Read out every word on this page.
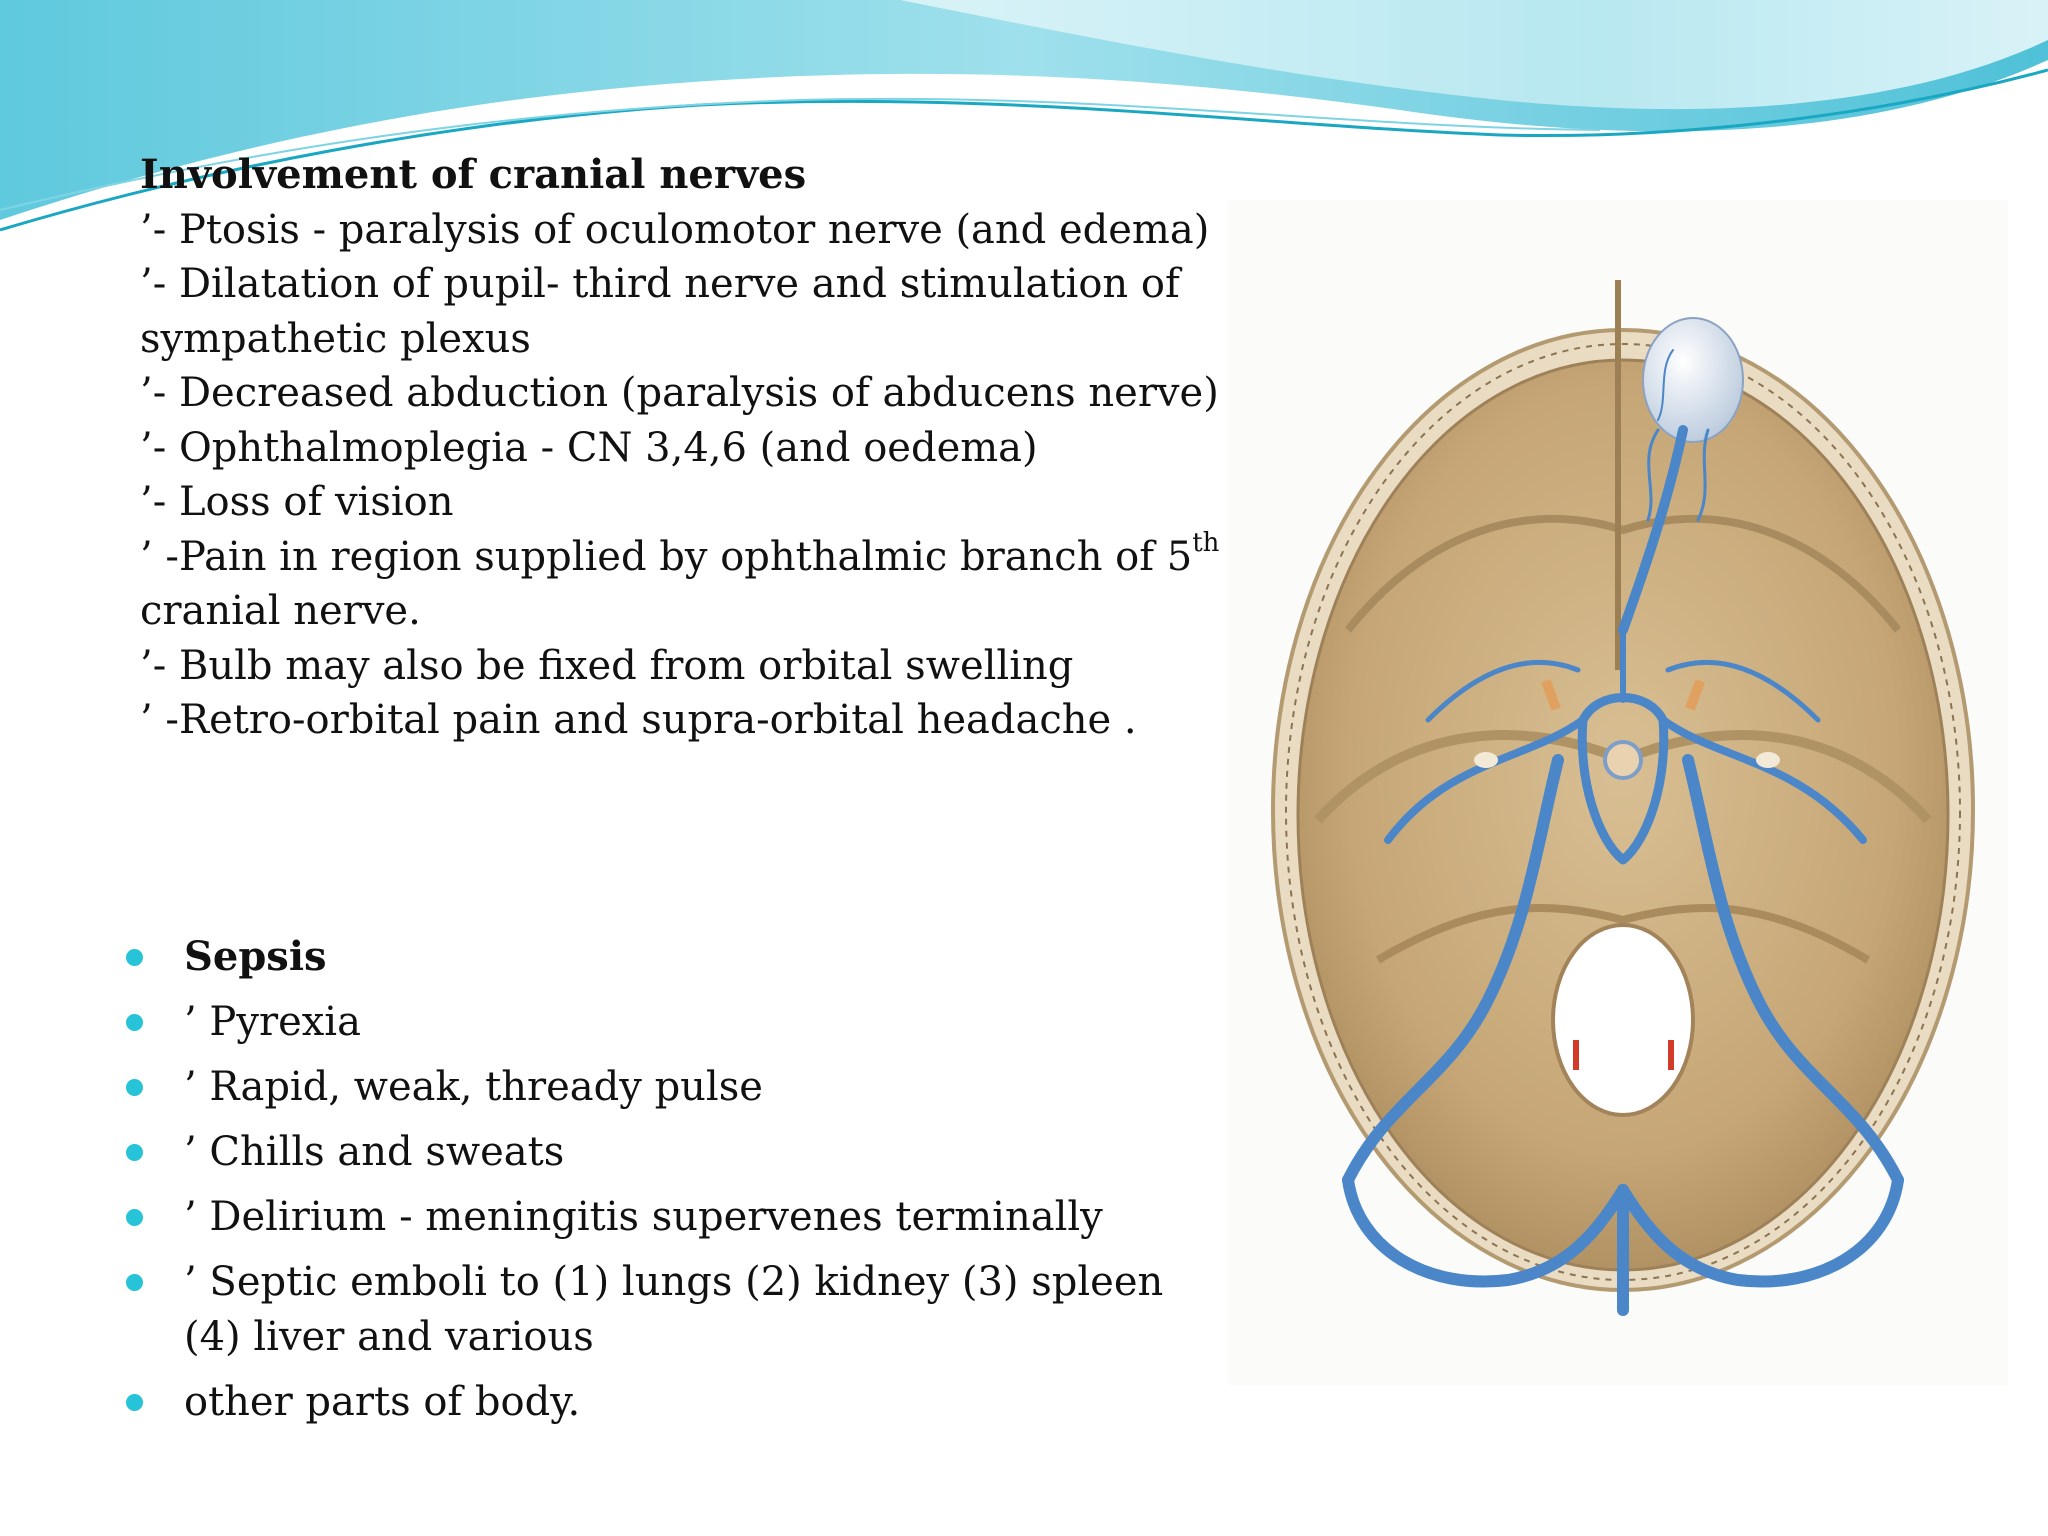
Involvement of cranial nerves
’- Ptosis - paralysis of oculomotor nerve (and edema)
’- Dilatation of pupil- third nerve and stimulation of sympathetic plexus
’- Decreased abduction (paralysis of abducens nerve)
’- Ophthalmoplegia - CN 3,4,6 (and oedema)
’- Loss of vision
’ -Pain in region supplied by ophthalmic branch of 5th cranial nerve.
’- Bulb may also be fixed from orbital swelling
’ -Retro-orbital pain and supra-orbital headache .
Sepsis
’ Pyrexia
’ Rapid, weak, thready pulse
’ Chills and sweats
’ Delirium - meningitis supervenes terminally
’ Septic emboli to (1) lungs (2) kidney (3) spleen (4) liver and various
other parts of body.
